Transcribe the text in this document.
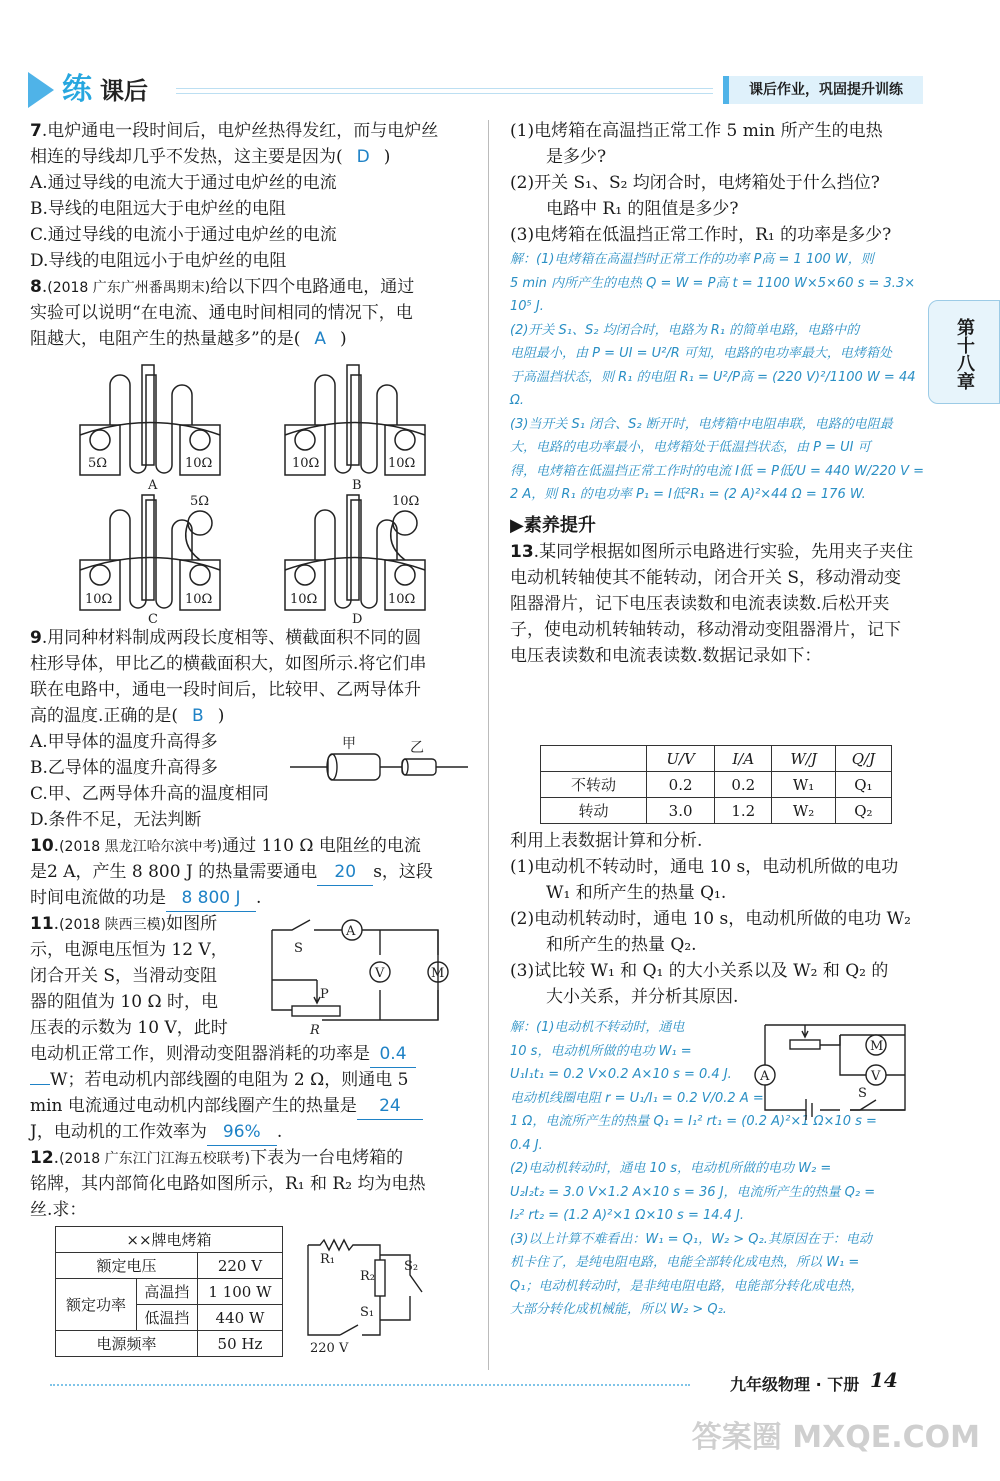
练 课后	课后作业，巩固提升训练
第十八章
7.电炉通电一段时间后，电炉丝热得发红，而与电炉丝
相连的导线却几乎不发热，这主要是因为( D )
A.通过导线的电流大于通过电炉丝的电流
B.导线的电阻远大于电炉丝的电阻
C.通过导线的电流小于通过电炉丝的电流
D.导线的电阻远小于电炉丝的电阻
8.(2018 广东广州番禺期末)给以下四个电路通电，通过
实验可以说明“在电流、通电时间相同的情况下，电
阻越大，电阻产生的热量越多”的是( A )
5Ω	10Ω	10Ω	10Ω
10Ω	10Ω
5Ω
10Ω	10Ω
10Ω
A	B
C	D
9.用同种材料制成两段长度相等、横截面积不同的圆
柱形导体，甲比乙的横截面积大，如图所示.将它们串
联在电路中，通电一段时间后，比较甲、乙两导体升
高的温度.正确的是( B )
A.甲导体的温度升高得多
B.乙导体的温度升高得多
C.甲、乙两导体升高的温度相同
D.条件不足，无法判断
10.(2018 黑龙江哈尔滨中考)通过 110 Ω 电阻丝的电流
是2 A，产生 8 800 J 的热量需要通电 20 s，这段
时间电流做的功是 8 800 J .
11.(2018 陕西三模)如图所
示，电源电压恒为 12 V，
闭合开关 S，当滑动变阻
器的阻值为 10 Ω 时，电
压表的示数为 10 V，此时
电动机正常工作，则滑动变阻器消耗的功率是 0.4
W；若电动机内部线圈的电阻为 2 Ω，则通电 5
min 电流通过电动机内部线圈产生的热量是 24
J，电动机的工作效率为 96% .
12.(2018 广东江门江海五校联考)下表为一台电烤箱的
铭牌，其内部简化电路如图所示，R₁ 和 R₂ 均为电热
丝.求：
甲	乙
A
V	M
S
P
R
××牌电烤箱		
额定电压		220 V
额定功率	高温挡	1 100 W
	低温挡	440 W
电源频率		50 Hz
R₁
R₂
S₂
S₁
220 V
(1)电烤箱在高温挡正常工作 5 min 所产生的电热
是多少?
(2)开关 S₁、S₂ 均闭合时，电烤箱处于什么挡位?
电路中 R₁ 的阻值是多少?
(3)电烤箱在低温挡正常工作时，R₁ 的功率是多少?
解：(1)电烤箱在高温挡时正常工作的功率 P高 = 1 100 W，则
5 min 内所产生的电热 Q = W = P高 t = 1100 W×5×60 s = 3.3×
10⁵ J.
(2)开关 S₁、S₂ 均闭合时，电路为 R₁ 的简单电路，电路中的
电阻最小，由 P = UI = U²/R 可知，电路的电功率最大，电烤箱处
于高温挡状态，则 R₁ 的电阻 R₁ = U²/P高 = (220 V)²/1100 W = 44 Ω.
(3)当开关 S₁ 闭合、S₂ 断开时，电烤箱中电阻串联，电路的电阻最
大，电路的电功率最小，电烤箱处于低温挡状态，由 P = UI 可
得，电烤箱在低温挡正常工作时的电流 I低 = P低/U = 440 W/220 V =
2 A，则 R₁ 的电功率 P₁ = I低²R₁ = (2 A)²×44 Ω = 176 W.
▶素养提升
13.某同学根据如图所示电路进行实验，先用夹子夹住
电动机转轴使其不能转动，闭合开关 S，移动滑动变
阻器滑片，记下电压表读数和电流表读数.后松开夹
子，使电动机转轴转动，移动滑动变阻器滑片，记下
电压表读数和电流表读数.数据记录如下：
	U/V	I/A	W/J	Q/J
不转动	0.2	0.2	W₁	Q₁
转动	3.0	1.2	W₂	Q₂
利用上表数据计算和分析.
(1)电动机不转动时，通电 10 s，电动机所做的电功
W₁ 和所产生的热量 Q₁.
(2)电动机转动时，通电 10 s，电动机所做的电功 W₂
和所产生的热量 Q₂.
(3)试比较 W₁ 和 Q₁ 的大小关系以及 W₂ 和 Q₂ 的
大小关系，并分析其原因.
解：(1)电动机不转动时，通电
10 s，电动机所做的电功 W₁ =
U₁I₁t₁ = 0.2 V×0.2 A×10 s = 0.4 J.
电动机线圈电阻 r = U₁/I₁ = 0.2 V/0.2 A =
1 Ω，电流所产生的热量 Q₁ = I₁² rt₁ = (0.2 A)²×1 Ω×10 s =
0.4 J.
(2)电动机转动时，通电 10 s，电动机所做的电功 W₂ =
U₂I₂t₂ = 3.0 V×1.2 A×10 s = 36 J，电流所产生的热量 Q₂ =
I₂² rt₂ = (1.2 A)²×1 Ω×10 s = 14.4 J.
(3)以上计算不难看出：W₁ = Q₁，W₂ > Q₂.其原因在于：电动
机卡住了，是纯电阻电路，电能全部转化成电热，所以 W₁ =
Q₁；电动机转动时，是非纯电阻电路，电能部分转化成电热，
大部分转化成机械能，所以 W₂ > Q₂.
A
M
V
S
九年级物理 · 下册 14
答案圈 MXQE.COM
